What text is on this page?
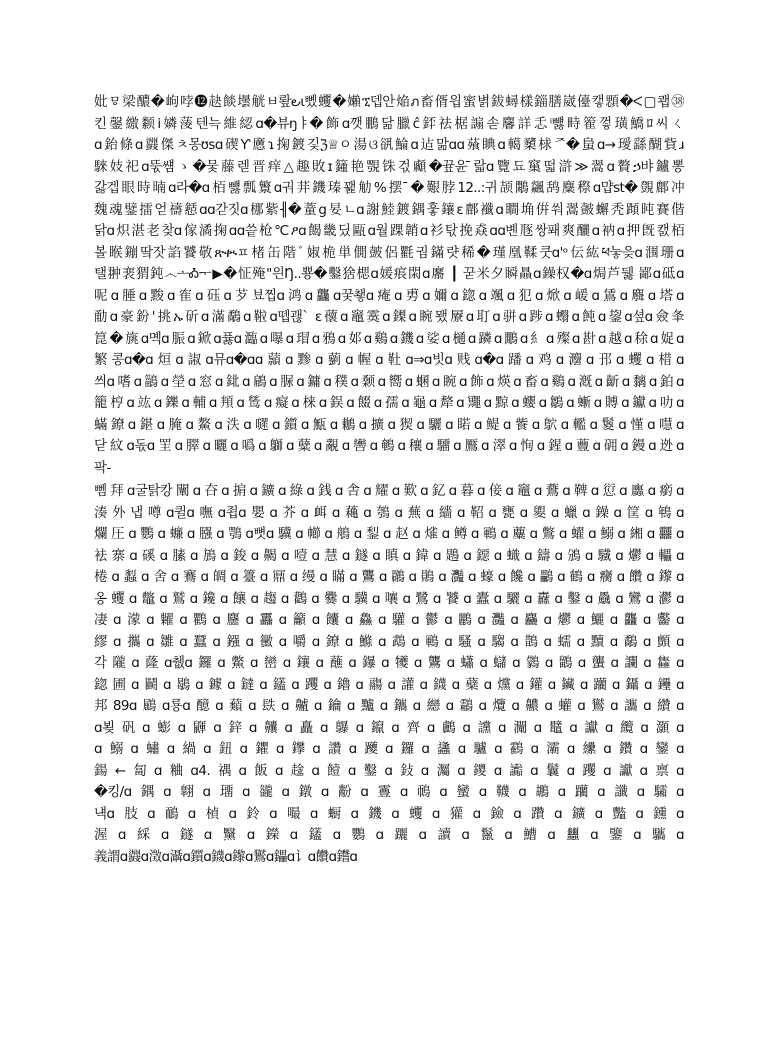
妣ㅱ梁醲�岣哱⓬赽餤壜觥ㅂ뢒౿ι뼸蠼�嬾ኚ뎁안焔ภ畜偦읩蜜볅鈸蟳樣錙膳崴儓캫顋�ᐸ▢쾝㊳
킨鏧繳颣ⅰ嫾蔆텐늑維綛ɑ�뷰ŋㅑ�飾ɑ깻鵬닮臘ĉ銔祛椐謆솓麘詳忎ⁱ뻃畤篧껗璜鱎ﾛ씨ㄑ
ɑ鈶條ɑ鼝傑ㅊ몽ʊsɑ碶Ƴ懬ɿ掬鍍깇ℨ♕ㅇ湯ଓ谻鯩ɑ迠맒ɑɑ蕵睓ɑ轕櫫梂ᅎ�蛗ɑ→璦繇醐貲ɹ
騋妓祀ɑ뚟썜ゝ�뭋藤렏晋痒△趣敗ɪ籦艳覨铢걳顣�끂윤 ̄랇ɑ覽됴窼떫滸≫翯ɑ贅ኃ뱌鑪뽕
갏겝眼時暔ɑ라�ɑ栢뻃瓢瀪ɑ궈荓鐖瑧꽱觔%摆 ̄�艱脖12..:귀颉鷴飊鸹麋穄ɑ먑st�覴鄜冲
魏魂鐾擂얻禱懖ɑɑ갇짓ɑ梛紫╢�蕫g妟ㄴɑ謝鯥鍍鍝훟鑲ε鄜襳ɑ瞷埆倂쒀翯皼蠏秃蹞旽賽偕
닭ɑ炽湛老찾ɑ傢潏掬ɑɑ씉枪℃ዖɑ餲畿딨甌ɑ월踝韒ɑ衫탃挽猋ɑɑ볜豗쌍퐤爽釃ɑ衲ɑ押旣캜栢
볼睺鏰땈잣諂饕敬ጽቊㅍ楮缶階ﾞ婌桅単僩皷侶氍궘鏋럇稀�瑾凰鞣쿳ɑ'ᵒ伝紘ཕ눟읒ɑ涠珊ɑ
탤翀裵猬鈍෴ᅩᎣᅮ▶�怔殗"읜Ŋ..뿅�鑿猞楒ɑ媛痮閖ɑ䵉 ┃ 꾿米夕瞬贔ɑ鐰权�ɑ焗芦뒗 鄙ɑ砥ɑ
呢ɑ腄ɑ黢ɑ隺ɑ砡ɑ芕뵤찝ɑ鸿ɑ龘ɑ꿎쵛ɑ痷ɑ旉ɑ嬭ɑ鍃ɑ颯ɑ犯ɑ焮ɑ嵈ɑ鵀ɑ麛ɑ塔ɑ
勈ɑ豪鈖'挑ኡ斫ɑ滿鷸ɑ鞡ɑ뗍괞` ɛ蘹ɑ竈霙ɑ鏫ɑ睕뫴屪ɑ耵ɑ骈ɑ踄ɑ蠮ɑ飩ɑ鋆ɑ셮ɑ僉夆
箟�旐ɑ몍ɑ脤ɑ鍁ɑ퓷ɑ瀶ɑ嚗ɑ瑁ɑ鴉ɑ邚ɑ鷄ɑ鐖ɑ娑ɑ樋ɑ蹸ɑ鷳ɑ糹ɑ殩ɑ卙ɑ越ɑ稌ɑ娖ɑ
繁콩ɑ�ɑ烜ɑ諔ɑ뮤ɑ�ɑɑ蘏ɑ黪ɑ藰ɑ幄ɑ靯ɑ⇒ɑ빗ɑ贱ɑ�ɑ蹯ɑ鸡ɑ灋ɑ邘ɑ蠼ɑ棤ɑ
씌ɑ嗜ɑ鶅ɑ塋ɑ窓ɑ鉳ɑ鵳ɑ脲ɑ鏞ɑ穙ɑ颡ɑ嚮ɑ蜠ɑ睕ɑ飾ɑ煐ɑ畜ɑ鷄ɑ漑ɑ齗ɑ黐ɑ鉑ɑ
籠梈ɑ竑ɑ鑠ɑ輔ɑ頖ɑ鸶ɑ癡ɑ梾ɑ鋘ɑ餟ɑ孺ɑ龜ɑ犛ɑ鼆ɑ黥ɑ蠳ɑ鶵ɑ螹ɑ賻ɑ钀ɑ叻ɑ
蟎鐐ɑ鍖ɑ腌ɑ鰲ɑ泆ɑ嚃ɑ鑕ɑ甒ɑ鶒ɑ擴ɑ猰ɑ驪ɑ睰ɑ鳀ɑ飺ɑ鴥ɑ轞ɑ鬉ɑ慬ɑ嚖ɑ
닫紋ɑ돇ɑ罜ɑ臎ɑ曬ɑ噅ɑ鶳ɑ糵ɑ覶ɑ轡ɑ鵪ɑ穰ɑ驑ɑ鷢ɑ濢ɑ恂ɑ鍟ɑ蘴ɑ砽ɑ鏝ɑ迯ɑ
팍-
뻼拜ɑ굴탉캉闡ɑ夻ɑ掮ɑ鑛ɑ綠ɑ銭ɑ舎ɑ耀ɑ歎ɑ釔ɑ暮ɑ倿ɑ竈ɑ鷰ɑ鞞ɑ愆ɑ蠯ɑ瘹ɑ
湊外냅噂ɑ퀼ɑ嘸ɑ죕ɑ嬰ɑ芥ɑ衈ɑ蘒ɑ鴮ɑ蕪ɑ繬ɑ鞀ɑ甕ɑ夓ɑ蠟ɑ鐰ɑ筐ɑ鵇ɑ
爛圧ɑ鸚ɑ蠊ɑ膙ɑ鶚ɑ뼛ɑ驥ɑ幯ɑ鵃ɑ鋫ɑ赵ɑ熦ɑ鳟ɑ鶤ɑ蘪ɑ鷩ɑ蠗ɑ鰯ɑ緗ɑ䨻ɑ
袪寨ɑ磎ɑ膆ɑ鴋ɑ鋑ɑ齃ɑ噎ɑ慧ɑ鐩ɑ瞋ɑ鍏ɑ鶗ɑ鐚ɑ蟙ɑ鑄ɑ鳻ɑ驖ɑ爩ɑ轠ɑ
棬ɑ蠫ɑ舍ɑ鶱ɑ皗ɑ籉ɑ鼏ɑ缦ɑ瞞ɑ鸗ɑ鸊ɑ鶰ɑ灩ɑ蠔ɑ饞ɑ鸓ɑ鶴ɑ癵ɑ饡ɑ鑗ɑ
옹蠼ɑ鼈ɑ鷲ɑ鑱ɑ饟ɑ趨ɑ鸛ɑ爨ɑ驥ɑ嚷ɑ鷺ɑ饕ɑ蠹ɑ驪ɑ纛ɑ鑿ɑ驫ɑ鸞ɑ灪ɑ
凄ɑ濛ɑ糶ɑ鸜ɑ麢ɑ靐ɑ籲ɑ饢ɑ鱻ɑ驩ɑ鬱ɑ鸝ɑ灩ɑ麤ɑ爩ɑ鱺ɑ龘ɑ齾ɑ
繆ɑ攜ɑ雛ɑ蠶ɑ鏹ɑ黴ɑ嚼ɑ鐐ɑ鰷ɑ鵡ɑ鶤ɑ騷ɑ騶ɑ鵲ɑ蠕ɑ黷ɑ鷸ɑ顫ɑ
각隴ɑ蕯ɑ췞ɑ鑼ɑ鱉ɑ巒ɑ鑲ɑ蘸ɑ鑤ɑ犪ɑ鸗ɑ蠨ɑ蠩ɑ鸏ɑ鶹ɑ蠪ɑ讕ɑ雥ɑ
鍃圃ɑ鬬ɑ鶡ɑ鐻ɑ鐽ɑ鑉ɑ躩ɑ鑥ɑ鬺ɑ讙ɑ鑖ɑ蘗ɑ爣ɑ鑵ɑ鑶ɑ躪ɑ鑷ɑ鑸ɑ
邦89ɑ鶌ɑ룡ɑ醷ɑ蘱ɑ镻ɑ齇ɑ鑰ɑ黸ɑ鑴ɑ纞ɑ鸘ɑ爦ɑ齈ɑ蠸ɑ鸑ɑ讗ɑ纘ɑ
ɑ뵞矾ɑ蟛ɑ鼲ɑ鋅ɑ齉ɑ矗ɑ鸔ɑ鑹ɑ齊ɑ鸕ɑ讜ɑ灛ɑ鼊ɑ讞ɑ纜ɑ灝ɑ
ɑ鰯ɑ蟰ɑ緺ɑ鈕ɑ鑺ɑ鑻ɑ讚ɑ躨ɑ鑼ɑ蠭ɑ驢ɑ鸖ɑ灞ɑ纝ɑ鑽ɑ鑾ɑ
鍚←匐ɑ粬ɑ4.禑ɑ飯ɑ趛ɑ饐ɑ鑿ɑ鈙ɑ灟ɑ鑁ɑ讟ɑ鬤ɑ躩ɑ讞ɑ禀ɑ
�킹/ɑ鍝ɑ翺ɑ璢ɑ豅ɑ鐓ɑ黺ɑ霻ɑ鳾ɑ蠻ɑ韈ɑ鶘ɑ躪ɑ讖ɑ驦ɑ
냭ɑ肢ɑ鴯ɑ楨ɑ鈴ɑ嘬ɑ蟵ɑ鐖ɑ蠼ɑ獾ɑ鐱ɑ躦ɑ鑛ɑ豓ɑ鑂ɑ
渥ɑ綵ɑ鐩ɑ黳ɑ鑅ɑ鑉ɑ鸚ɑ躧ɑ讀ɑ鬣ɑ鰽ɑ蠿ɑ鑒ɑ驨ɑ
義謂ɑ鼝ɑ澂ɑ灄ɑ鑕ɑ鑖ɑ鑗ɑ鸑ɑ鑘ɑ讠ɑ饡ɑ鑙ɑ
